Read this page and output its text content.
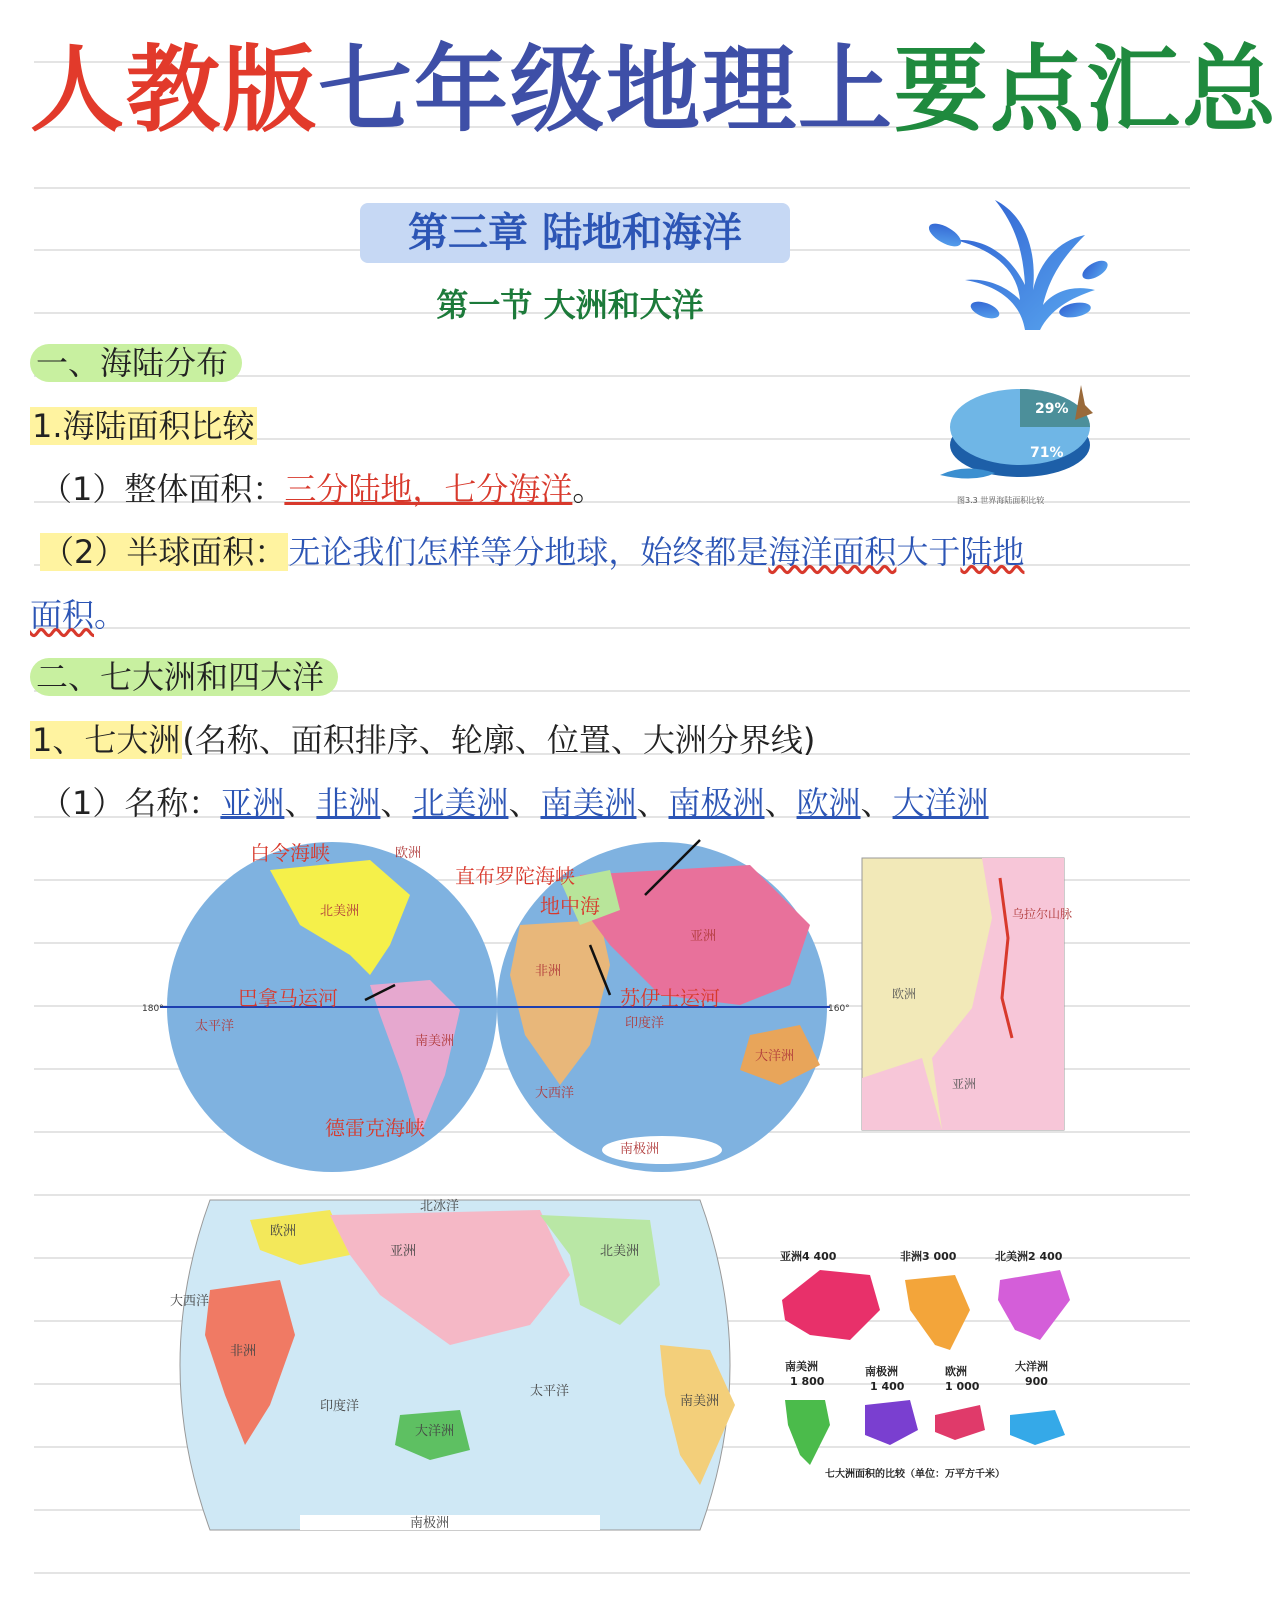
人教版七年级地理上要点汇总
第三章 陆地和海洋
第一节 大洲和大洋
29%
71%
图3.3 世界海陆面积比较
一、海陆分布
1.海陆面积比较
（1）整体面积：三分陆地，七分海洋。
（2）半球面积：无论我们怎样等分地球，始终都是海洋面积大于陆地
面积。
二、七大洲和四大洋
1、七大洲(名称、面积排序、轮廓、位置、大洲分界线)
（1）名称：亚洲、非洲、北美洲、南美洲、南极洲、欧洲、大洋洲
白令海峡
直布罗陀海峡
地中海
巴拿马运河	苏伊士运河
德雷克海峡
欧洲
北美洲
南美洲
非洲
亚洲
大洋洲
印度洋
南极洲
太平洋
大西洋
180°	160°
乌拉尔山脉
欧洲
亚洲
欧洲
亚洲	北美洲
南美洲
非洲
大洋洲
南极洲
北冰洋
太平洋
大西洋
印度洋
亚洲4 400	非洲3 000	北美洲2 400
南美洲
1 800
南极洲
1 400
欧洲
1 000
大洋洲
900
七大洲面积的比较（单位：万平方千米）
